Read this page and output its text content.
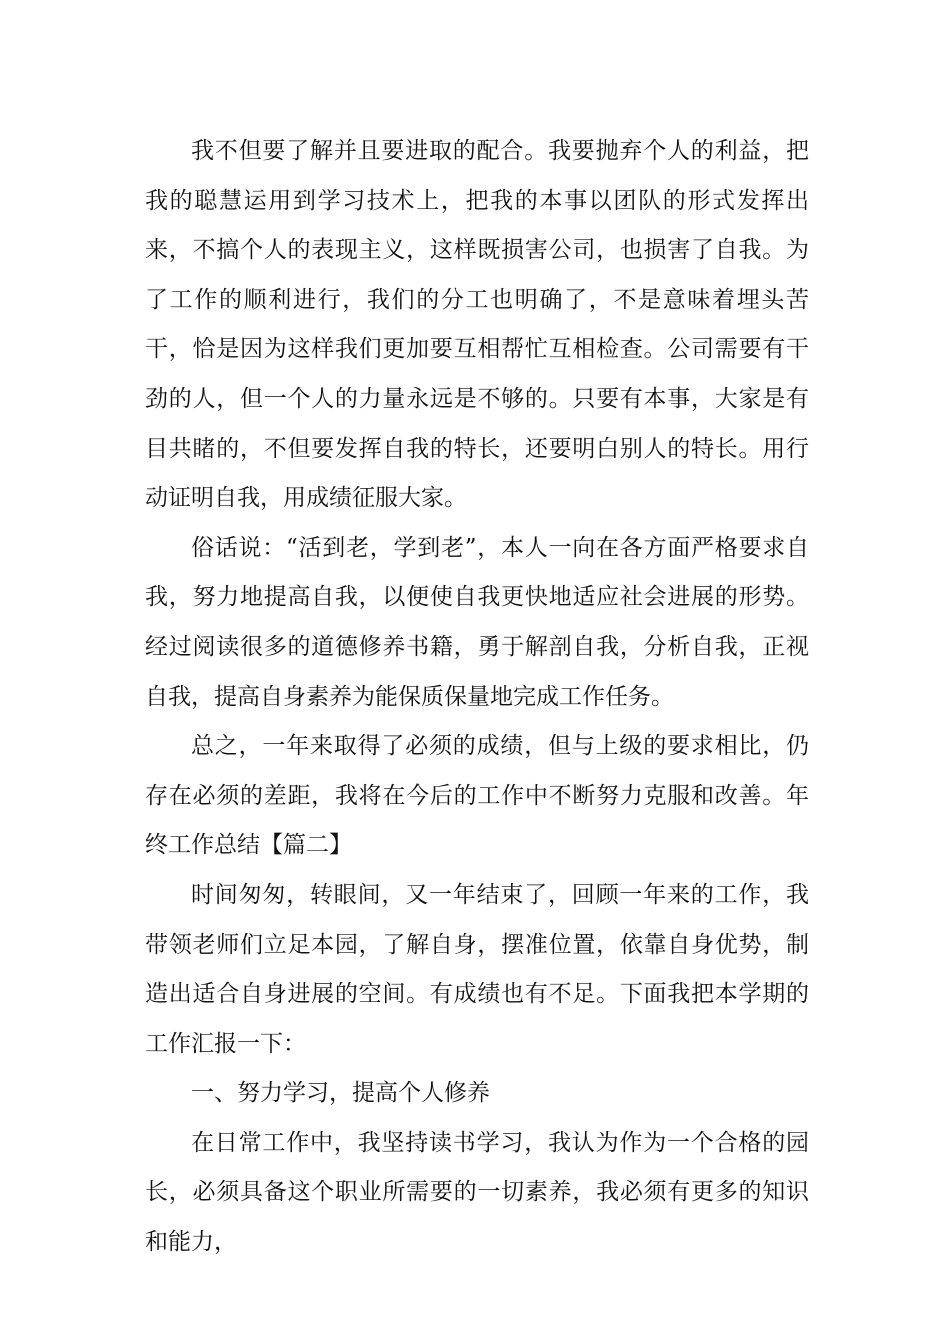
我不但要了解并且要进取的配合。我要抛弃个人的利益，把我的聪慧运用到学习技术上，把我的本事以团队的形式发挥出来，不搞个人的表现主义，这样既损害公司，也损害了自我。为了工作的顺利进行，我们的分工也明确了，不是意味着埋头苦干，恰是因为这样我们更加要互相帮忙互相检查。公司需要有干劲的人，但一个人的力量永远是不够的。只要有本事，大家是有目共睹的，不但要发挥自我的特长，还要明白别人的特长。用行动证明自我，用成绩征服大家。

俗话说：“活到老，学到老”，本人一向在各方面严格要求自我，努力地提高自我，以便使自我更快地适应社会进展的形势。经过阅读很多的道德修养书籍，勇于解剖自我，分析自我，正视自我，提高自身素养为能保质保量地完成工作任务。

总之，一年来取得了必须的成绩，但与上级的要求相比，仍存在必须的差距，我将在今后的工作中不断努力克服和改善。年终工作总结【篇二】

时间匆匆，转眼间，又一年结束了，回顾一年来的工作，我带领老师们立足本园，了解自身，摆准位置，依靠自身优势，制造出适合自身进展的空间。有成绩也有不足。下面我把本学期的工作汇报一下：

一、努力学习，提高个人修养

在日常工作中，我坚持读书学习，我认为作为一个合格的园长，必须具备这个职业所需要的一切素养，我必须有更多的知识和能力，
